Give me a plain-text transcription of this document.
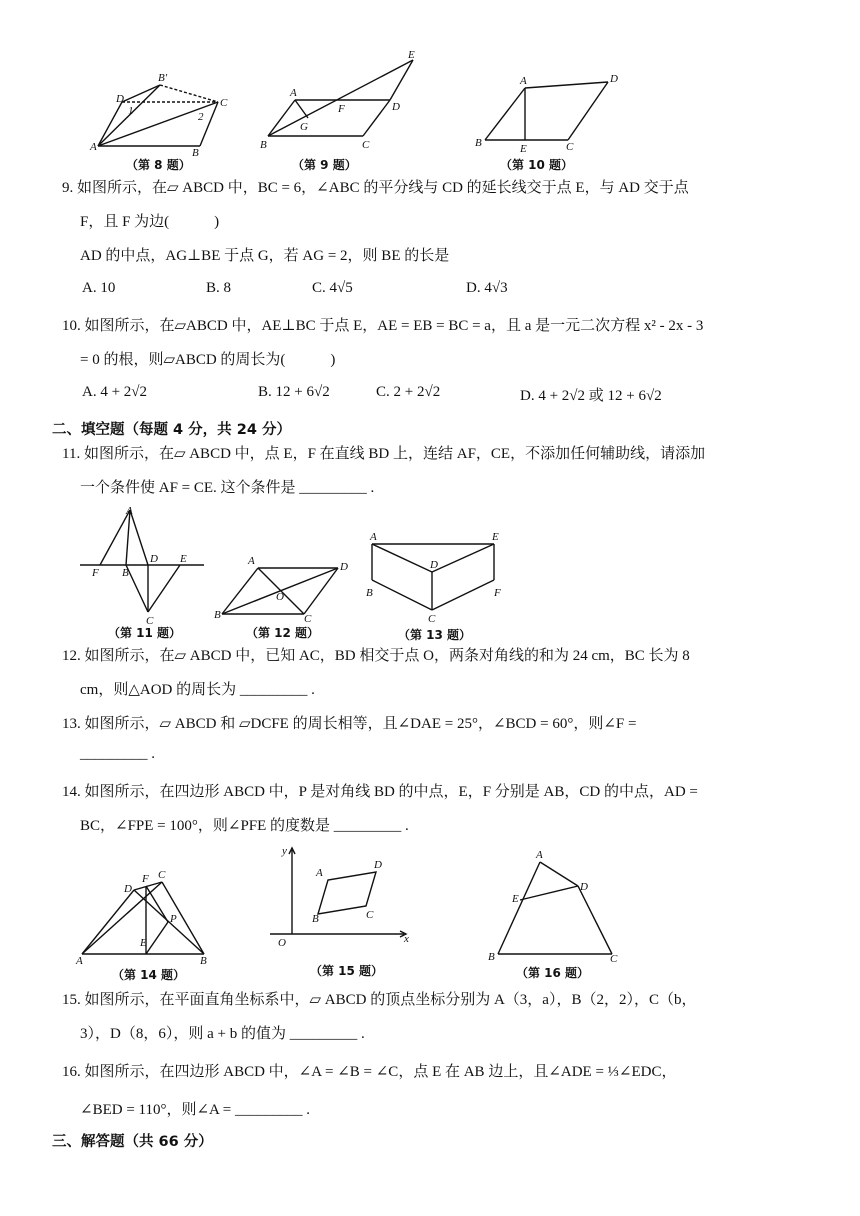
A
D
B′
C
B
1	2
B
A
D
C
E
F
G
B
A	D
C
E
（第 8 题）	（第 9 题）	（第 10 题）
9. 如图所示，在▱ ABCD 中，BC = 6，∠ABC 的平分线与 CD 的延长线交于点 E，与 AD 交于点
F，且 F 为边(　　　)
AD 的中点，AG⊥BE 于点 G，若 AG = 2，则 BE 的长是
A. 10	B. 8	C. 4√5	D. 4√3
10. 如图所示，在▱ABCD 中，AE⊥BC 于点 E，AE = EB = BC = a，且 a 是一元二次方程 x² - 2x - 3
= 0 的根，则▱ABCD 的周长为(　　　)
A. 4 + 2√2	B. 12 + 6√2	C. 2 + 2√2	D. 4 + 2√2 或 12 + 6√2
二、填空题（每题 4 分，共 24 分）
11. 如图所示，在▱ ABCD 中，点 E，F 在直线 BD 上，连结 AF，CE，不添加任何辅助线，请添加
一个条件使 AF = CE. 这个条件是 _________ .
A
F B
D E
C
A	D
B	C
O
A	E
D
B	F
C
（第 11 题）	（第 12 题）	（第 13 题）
12. 如图所示，在▱ ABCD 中，已知 AC，BD 相交于点 O，两条对角线的和为 24 cm，BC 长为 8
cm，则△AOD 的周长为 _________ .
13. 如图所示，▱ ABCD 和 ▱DCFE 的周长相等，且∠DAE = 25°，∠BCD = 60°，则∠F =
_________ .
14. 如图所示，在四边形 ABCD 中，P 是对角线 BD 的中点，E，F 分别是 AB，CD 的中点，AD =
BC，∠FPE = 100°，则∠PFE 的度数是 _________ .
D
F C
P
A
E
B
y
x
O
B
A
D
C
A
D
E
B	C
（第 14 题）	（第 15 题）	（第 16 题）
15. 如图所示，在平面直角坐标系中，▱ ABCD 的顶点坐标分别为 A（3，a），B（2，2），C（b，
3），D（8，6），则 a + b 的值为 _________ .
16. 如图所示，在四边形 ABCD 中，∠A = ∠B = ∠C，点 E 在 AB 边上，且∠ADE = ⅓∠EDC，
∠BED = 110°，则∠A = _________ .
三、解答题（共 66 分）
